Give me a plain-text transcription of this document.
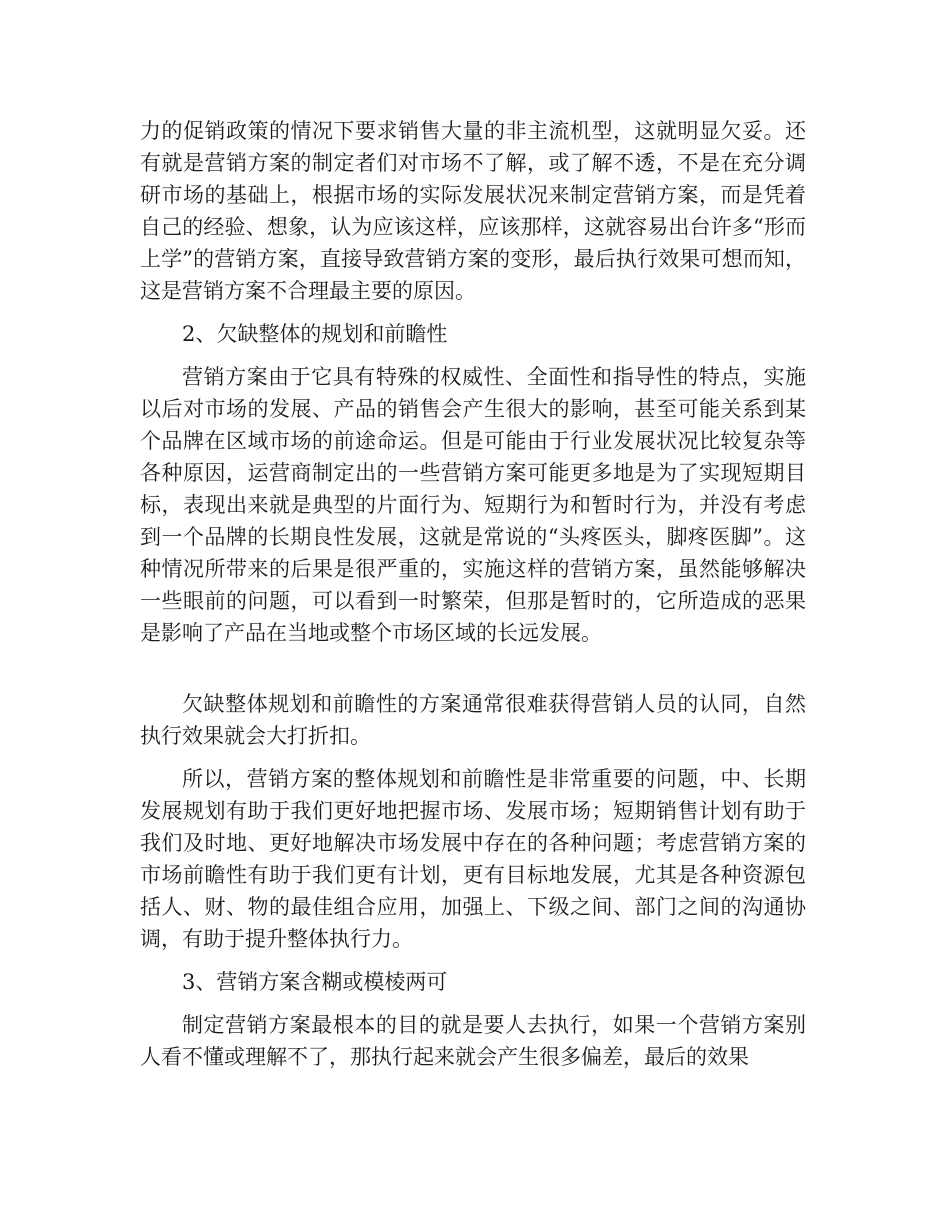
力的促销政策的情况下要求销售大量的非主流机型，这就明显欠妥。还有就是营销方案的制定者们对市场不了解，或了解不透，不是在充分调研市场的基础上，根据市场的实际发展状况来制定营销方案，而是凭着自己的经验、想象，认为应该这样，应该那样，这就容易出台许多“形而上学”的营销方案，直接导致营销方案的变形，最后执行效果可想而知，这是营销方案不合理最主要的原因。

2、欠缺整体的规划和前瞻性

营销方案由于它具有特殊的权威性、全面性和指导性的特点，实施以后对市场的发展、产品的销售会产生很大的影响，甚至可能关系到某个品牌在区域市场的前途命运。但是可能由于行业发展状况比较复杂等各种原因，运营商制定出的一些营销方案可能更多地是为了实现短期目标，表现出来就是典型的片面行为、短期行为和暂时行为，并没有考虑到一个品牌的长期良性发展，这就是常说的“头疼医头，脚疼医脚”。这种情况所带来的后果是很严重的，实施这样的营销方案，虽然能够解决一些眼前的问题，可以看到一时繁荣，但那是暂时的，它所造成的恶果是影响了产品在当地或整个市场区域的长远发展。

欠缺整体规划和前瞻性的方案通常很难获得营销人员的认同，自然执行效果就会大打折扣。

所以，营销方案的整体规划和前瞻性是非常重要的问题，中、长期发展规划有助于我们更好地把握市场、发展市场；短期销售计划有助于我们及时地、更好地解决市场发展中存在的各种问题；考虑营销方案的市场前瞻性有助于我们更有计划，更有目标地发展，尤其是各种资源包括人、财、物的最佳组合应用，加强上、下级之间、部门之间的沟通协调，有助于提升整体执行力。

3、营销方案含糊或模棱两可

制定营销方案最根本的目的就是要人去执行，如果一个营销方案别人看不懂或理解不了，那执行起来就会产生很多偏差，最后的效果
